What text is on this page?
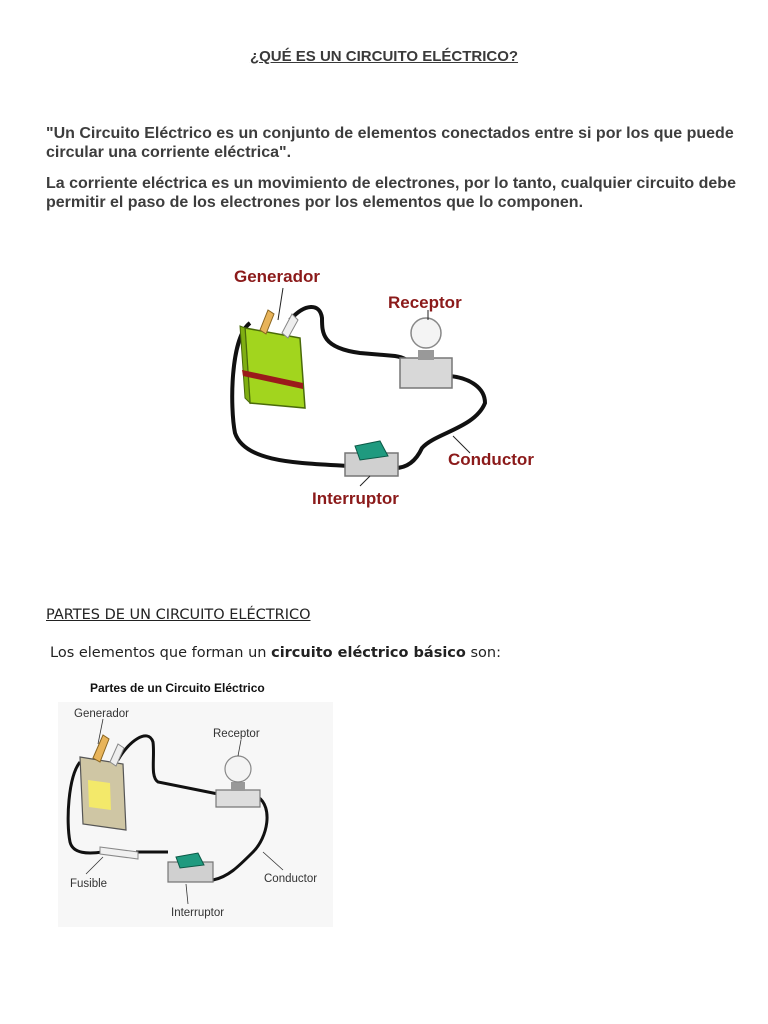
¿QUÉ ES UN CIRCUITO ELÉCTRICO?
"Un Circuito Eléctrico es un conjunto de elementos conectados entre si por los que puede circular una corriente eléctrica".
La corriente eléctrica es un movimiento de electrones, por lo tanto, cualquier circuito debe permitir el paso de los electrones por los elementos que lo componen.
Generador
Receptor
Conductor
Interruptor
PARTES DE UN CIRCUITO ELÉCTRICO
Los elementos que forman un circuito eléctrico básico son:
Partes de un Circuito Eléctrico
Generador
Receptor
Fusible
Interruptor
Conductor
